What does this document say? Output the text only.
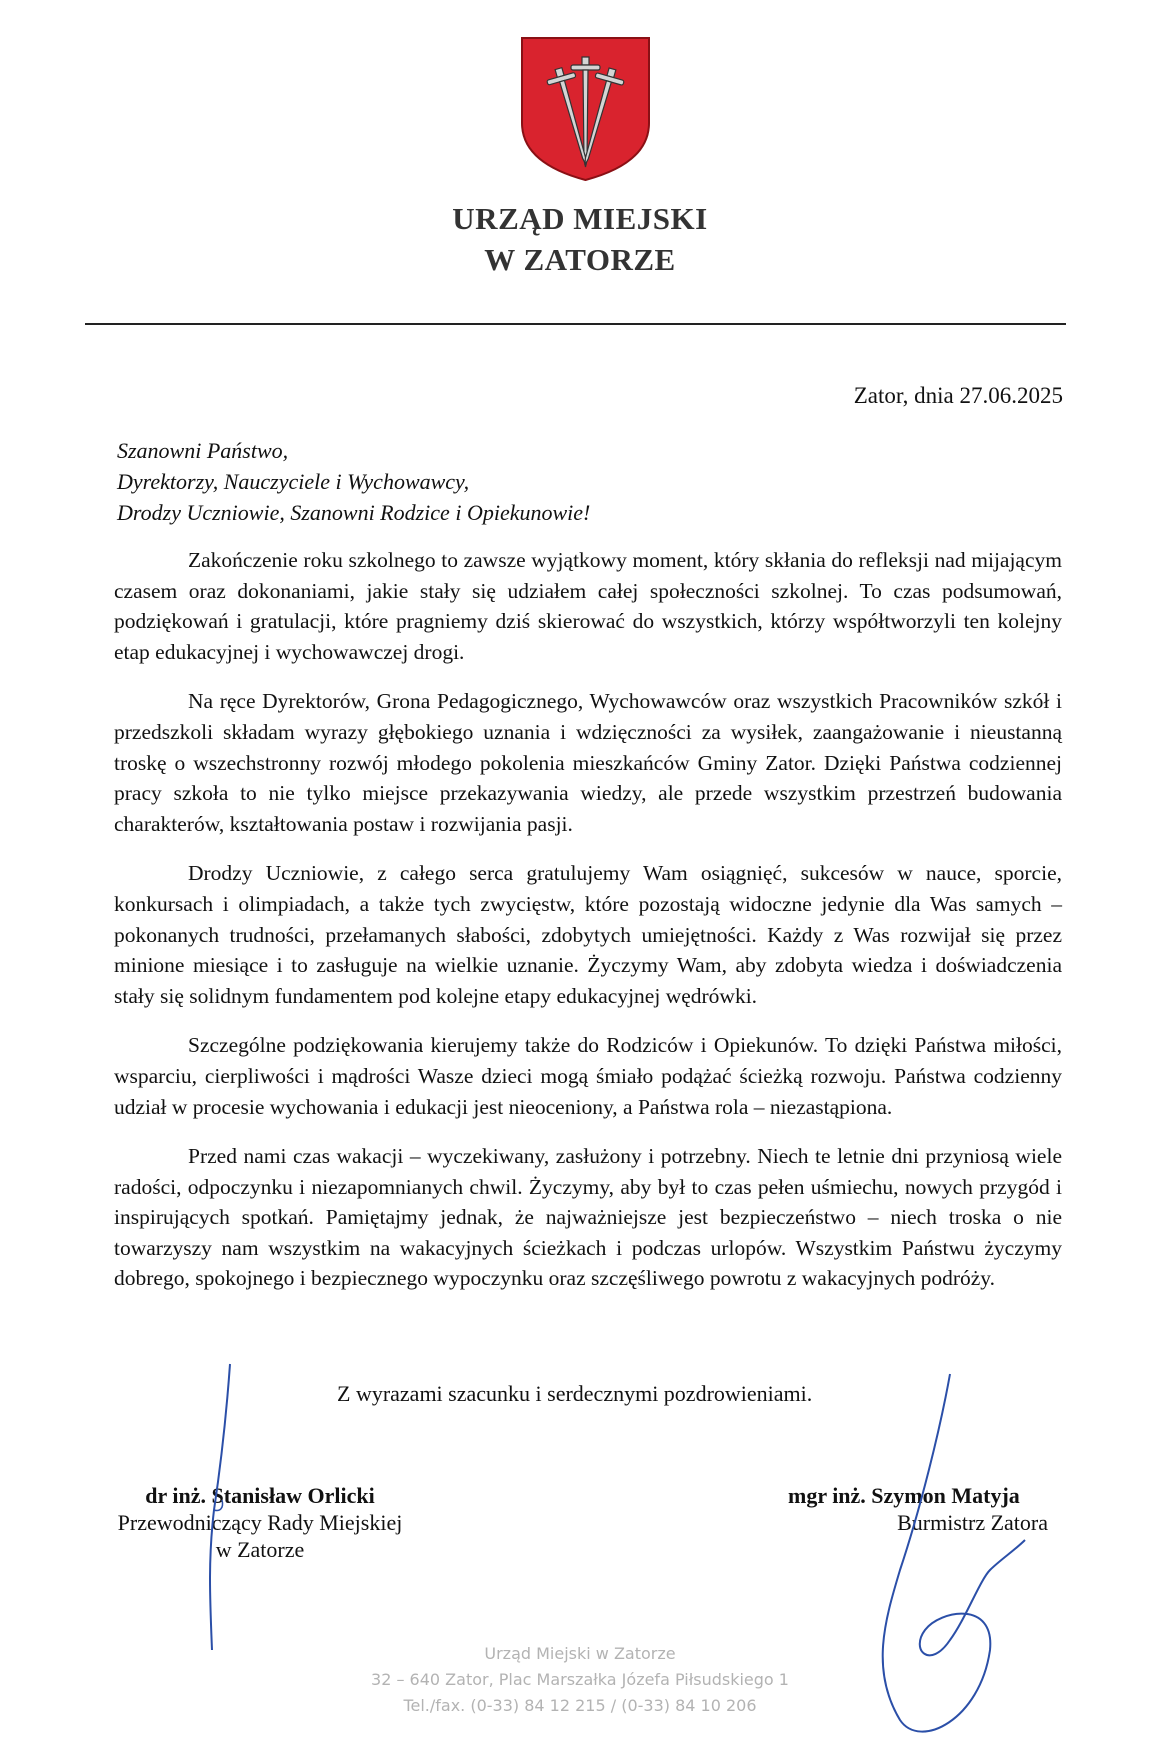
URZĄD MIEJSKI
W ZATORZE
Zator, dnia 27.06.2025
Szanowni Państwo,
Dyrektorzy, Nauczyciele i Wychowawcy,
Drodzy Uczniowie, Szanowni Rodzice i Opiekunowie!

Zakończenie roku szkolnego to zawsze wyjątkowy moment, który skłania do refleksji nad mijającym czasem oraz dokonaniami, jakie stały się udziałem całej społeczności szkolnej. To czas podsumowań, podziękowań i gratulacji, które pragniemy dziś skierować do wszystkich, którzy współtworzyli ten kolejny etap edukacyjnej i wychowawczej drogi.

Na ręce Dyrektorów, Grona Pedagogicznego, Wychowawców oraz wszystkich Pracowników szkół i przedszkoli składam wyrazy głębokiego uznania i wdzięczności za wysiłek, zaangażowanie i nieustanną troskę o wszechstronny rozwój młodego pokolenia mieszkańców Gminy Zator. Dzięki Państwa codziennej pracy szkoła to nie tylko miejsce przekazywania wiedzy, ale przede wszystkim przestrzeń budowania charakterów, kształtowania postaw i rozwijania pasji.

Drodzy Uczniowie, z całego serca gratulujemy Wam osiągnięć, sukcesów w nauce, sporcie, konkursach i olimpiadach, a także tych zwycięstw, które pozostają widoczne jedynie dla Was samych – pokonanych trudności, przełamanych słabości, zdobytych umiejętności. Każdy z Was rozwijał się przez minione miesiące i to zasługuje na wielkie uznanie. Życzymy Wam, aby zdobyta wiedza i doświadczenia stały się solidnym fundamentem pod kolejne etapy edukacyjnej wędrówki.

Szczególne podziękowania kierujemy także do Rodziców i Opiekunów. To dzięki Państwa miłości, wsparciu, cierpliwości i mądrości Wasze dzieci mogą śmiało podążać ścieżką rozwoju. Państwa codzienny udział w procesie wychowania i edukacji jest nieoceniony, a Państwa rola – niezastąpiona.

Przed nami czas wakacji – wyczekiwany, zasłużony i potrzebny. Niech te letnie dni przyniosą wiele radości, odpoczynku i niezapomnianych chwil. Życzymy, aby był to czas pełen uśmiechu, nowych przygód i inspirujących spotkań. Pamiętajmy jednak, że najważniejsze jest bezpieczeństwo – niech troska o nie towarzyszy nam wszystkim na wakacyjnych ścieżkach i podczas urlopów. Wszystkim Państwu życzymy dobrego, spokojnego i bezpiecznego wypoczynku oraz szczęśliwego powrotu z wakacyjnych podróży.

Z wyrazami szacunku i serdecznymi pozdrowieniami.
dr inż. Stanisław Orlicki
Przewodniczący Rady Miejskiej
w Zatorze
mgr inż. Szymon Matyja
Burmistrz Zatora
Urząd Miejski w Zatorze
32 – 640 Zator, Plac Marszałka Józefa Piłsudskiego 1
Tel./fax. (0-33) 84 12 215 / (0-33) 84 10 206
